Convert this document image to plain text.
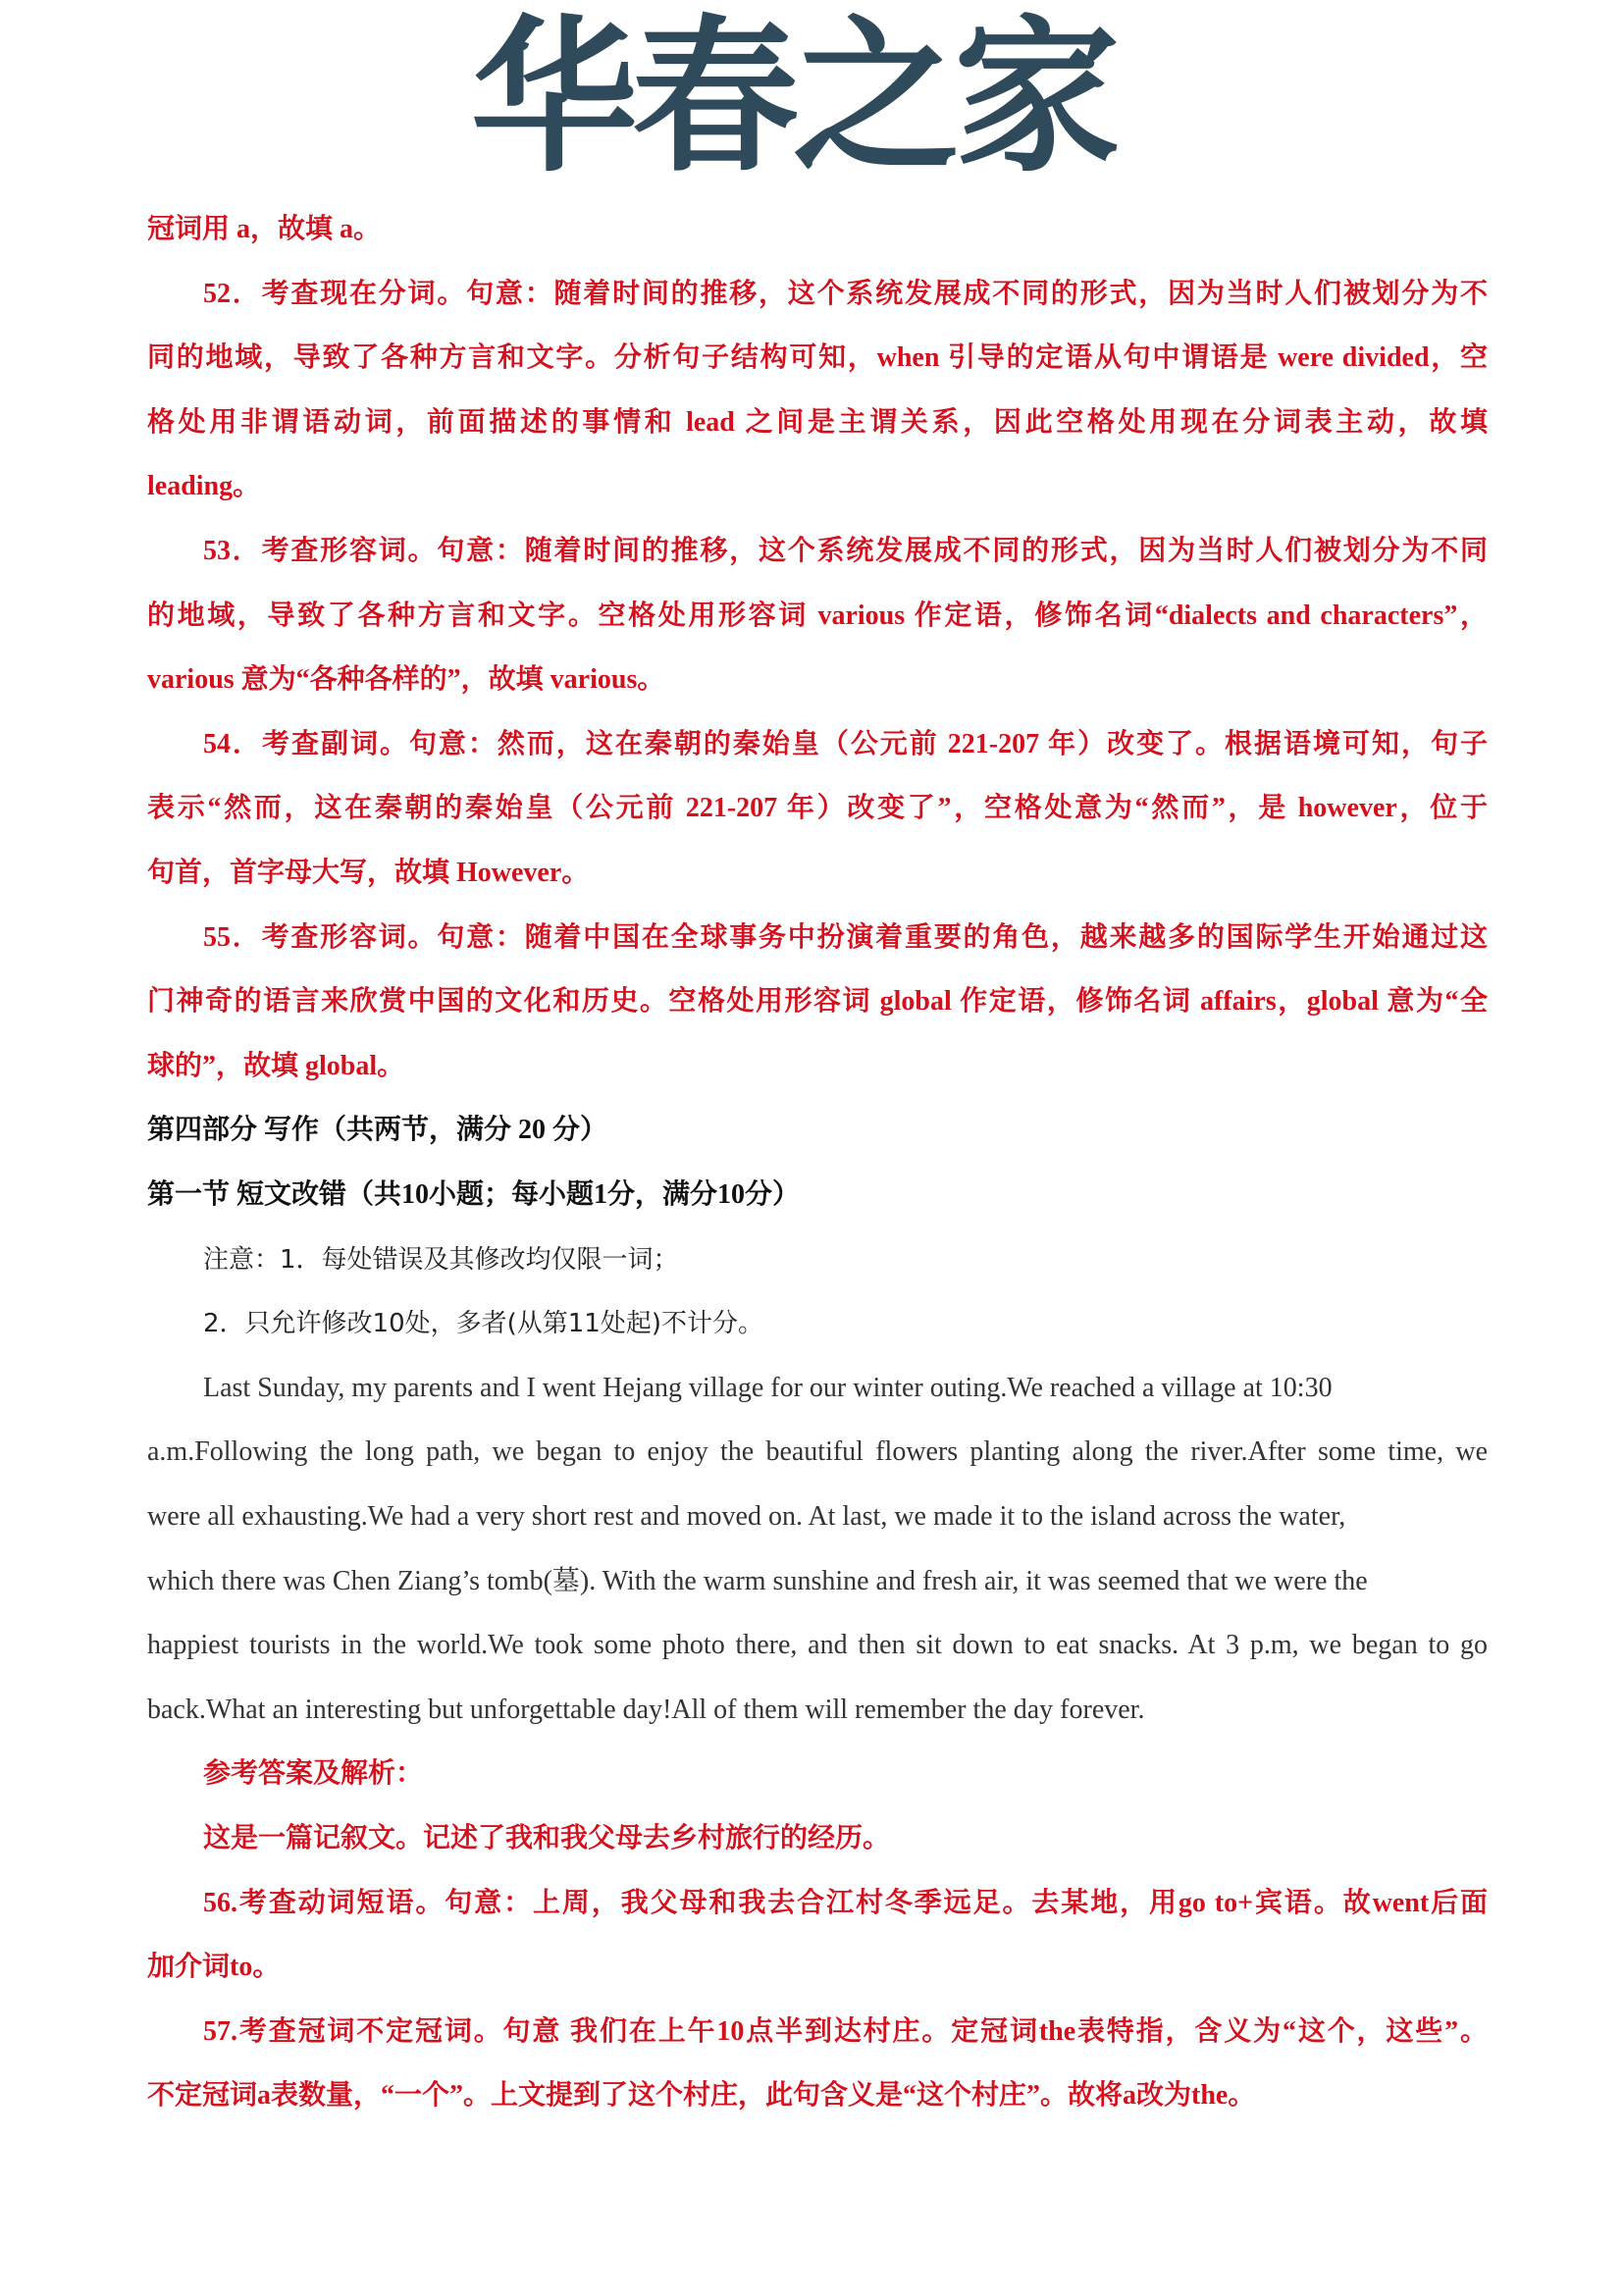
华春之家
冠词用 a，故填 a。
52．考查现在分词。句意：随着时间的推移，这个系统发展成不同的形式，因为当时人们被划分为不
同的地域，导致了各种方言和文字。分析句子结构可知，when 引导的定语从句中谓语是 were divided，空
格处用非谓语动词，前面描述的事情和 lead 之间是主谓关系，因此空格处用现在分词表主动，故填
leading。
53．考查形容词。句意：随着时间的推移，这个系统发展成不同的形式，因为当时人们被划分为不同
的地域，导致了各种方言和文字。空格处用形容词 various 作定语，修饰名词“dialects and characters”，
various 意为“各种各样的”，故填 various。
54．考查副词。句意：然而，这在秦朝的秦始皇（公元前 221-207 年）改变了。根据语境可知，句子
表示“然而，这在秦朝的秦始皇（公元前 221-207 年）改变了”，空格处意为“然而”，是 however，位于
句首，首字母大写，故填 However。
55．考查形容词。句意：随着中国在全球事务中扮演着重要的角色，越来越多的国际学生开始通过这
门神奇的语言来欣赏中国的文化和历史。空格处用形容词 global 作定语，修饰名词 affairs，global 意为“全
球的”，故填 global。
第四部分 写作（共两节，满分 20 分）
第一节 短文改错（共10小题；每小题1分，满分10分）
注意：1．每处错误及其修改均仅限一词；
2．只允许修改10处，多者(从第11处起)不计分。
Last Sunday, my parents and I went Hejang village for our winter outing.We reached a village at 10:30
a.m.Following the long path, we began to enjoy the beautiful flowers planting along the river.After some time, we
were all exhausting.We had a very short rest and moved on. At last, we made it to the island across the water,
which there was Chen Ziang’s tomb(墓). With the warm sunshine and fresh air, it was seemed that we were the
happiest tourists in the world.We took some photo there, and then sit down to eat snacks. At 3 p.m, we began to go
back.What an interesting but unforgettable day!All of them will remember the day forever.
参考答案及解析：
这是一篇记叙文。记述了我和我父母去乡村旅行的经历。
56.考查动词短语。句意：上周，我父母和我去合江村冬季远足。去某地，用go to+宾语。故went后面
加介词to。
57.考查冠词不定冠词。句意 我们在上午10点半到达村庄。定冠词the表特指，含义为“这个，这些”。
不定冠词a表数量，“一个”。上文提到了这个村庄，此句含义是“这个村庄”。故将a改为the。
